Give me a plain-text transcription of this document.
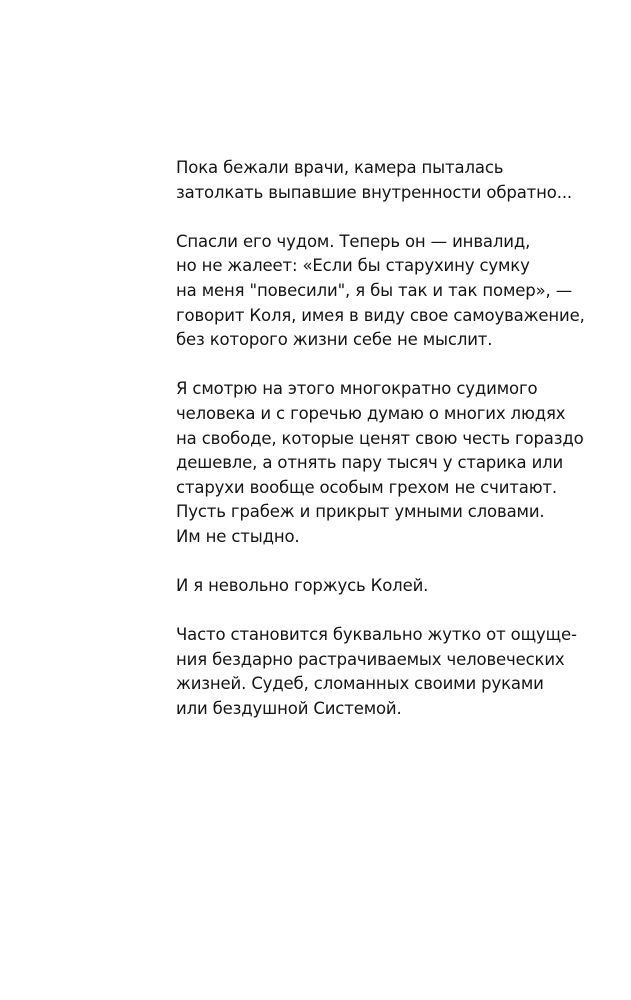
Пока бежали врачи, камера пыталась
затолкать выпавшие внутренности обратно...

Спасли его чудом. Теперь он — инвалид,
но не жалеет: «Если бы старухину сумку
на меня "повесили", я бы так и так помер», —
говорит Коля, имея в виду свое самоуважение,
без которого жизни себе не мыслит.

Я смотрю на этого многократно судимого
человека и с горечью думаю о многих людях
на свободе, которые ценят свою честь гораздо
дешевле, а отнять пару тысяч у старика или
старухи вообще особым грехом не считают.
Пусть грабеж и прикрыт умными словами.
Им не стыдно.

И я невольно горжусь Колей.

Часто становится буквально жутко от ощуще-
ния бездарно растрачиваемых человеческих
жизней. Судеб, сломанных своими руками
или бездушной Системой.
